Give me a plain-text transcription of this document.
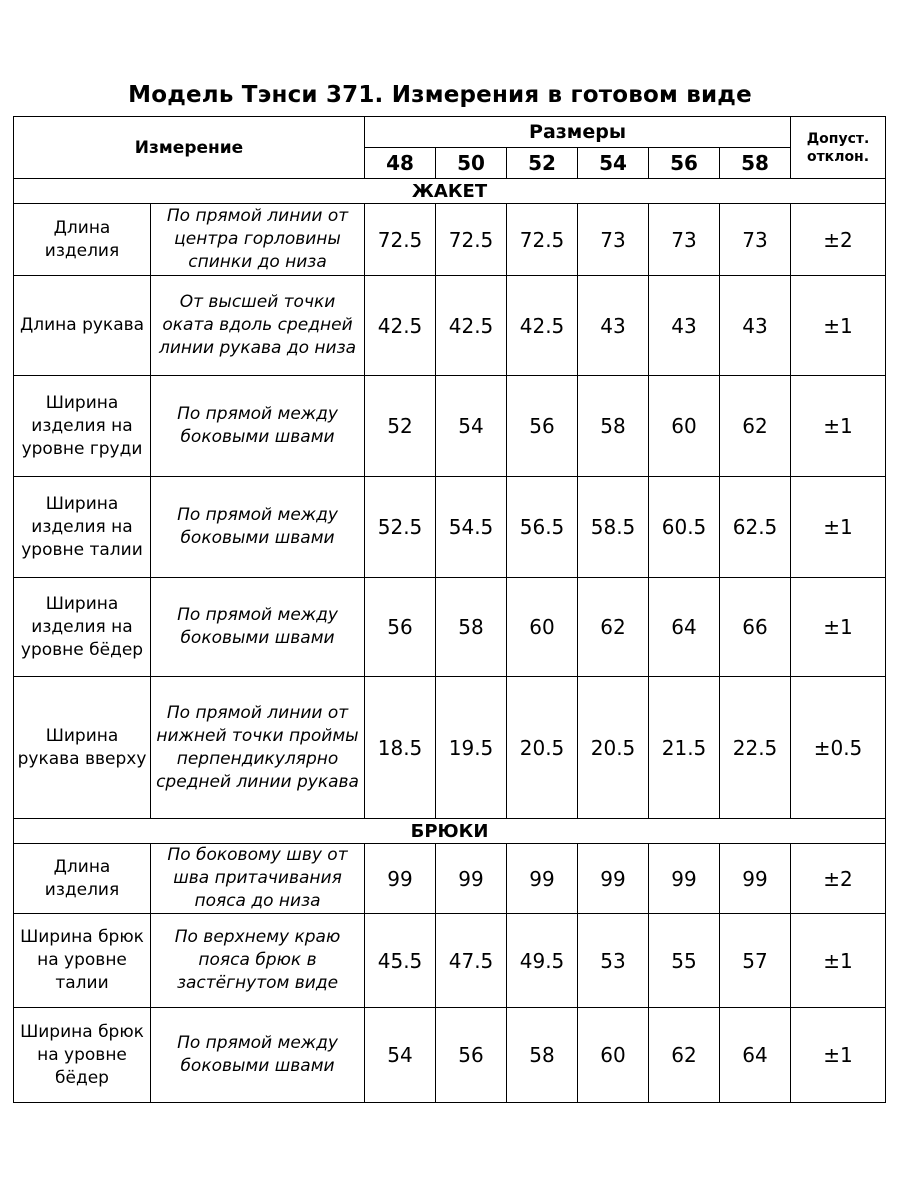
Модель Тэнси 371. Измерения в готовом виде
Измерение		Размеры						Допуст.
отклон.
		48	50	52	54	56	58	
ЖАКЕТ								
Длина изделия	По прямой линии от центра горловины спинки до низа	72.5	72.5	72.5	73	73	73	±2
Длина рукава	От высшей точки оката вдоль средней линии рукава до низа	42.5	42.5	42.5	43	43	43	±1
Ширина изделия на уровне груди	По прямой между боковыми швами	52	54	56	58	60	62	±1
Ширина изделия на уровне талии	По прямой между боковыми швами	52.5	54.5	56.5	58.5	60.5	62.5	±1
Ширина изделия на уровне бёдер	По прямой между боковыми швами	56	58	60	62	64	66	±1
Ширина рукава вверху	По прямой линии от нижней точки проймы перпендикулярно средней линии рукава	18.5	19.5	20.5	20.5	21.5	22.5	±0.5
БРЮКИ								
Длина изделия	По боковому шву от шва притачивания пояса до низа	99	99	99	99	99	99	±2
Ширина брюк на уровне талии	По верхнему краю пояса брюк в застёгнутом виде	45.5	47.5	49.5	53	55	57	±1
Ширина брюк на уровне бёдер	По прямой между боковыми швами	54	56	58	60	62	64	±1
